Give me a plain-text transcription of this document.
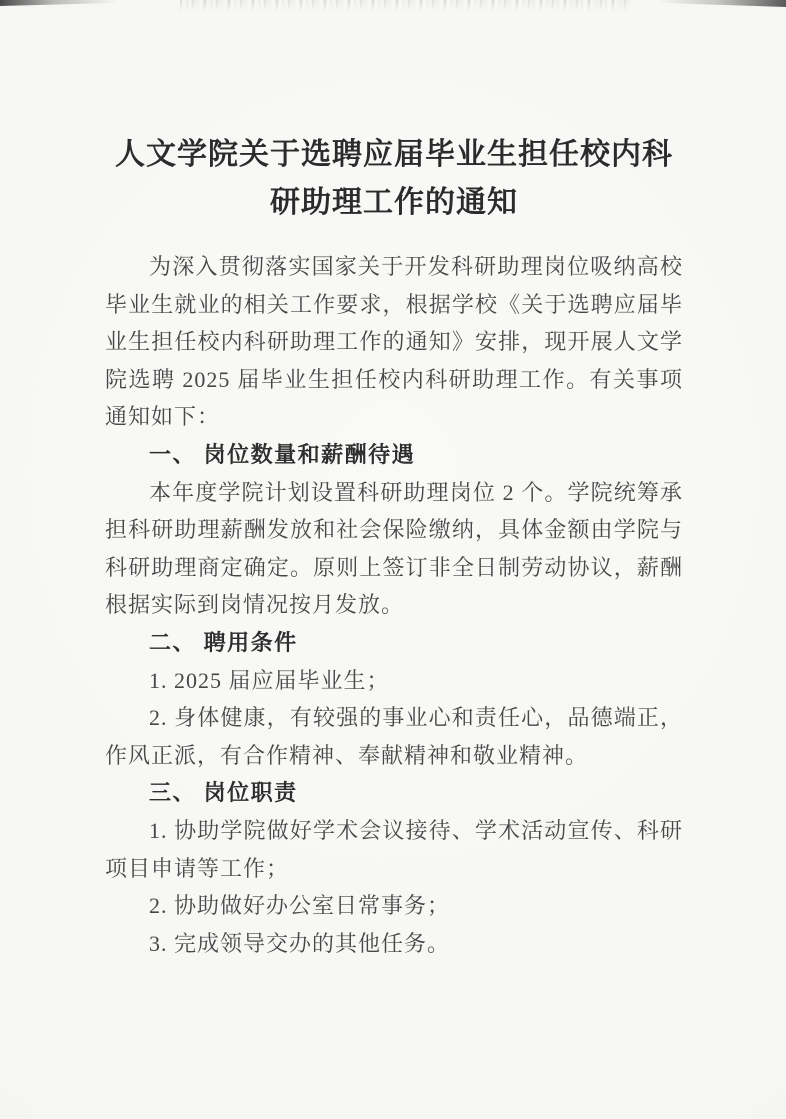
人文学院关于选聘应届毕业生担任校内科
研助理工作的通知

为深入贯彻落实国家关于开发科研助理岗位吸纳高校毕业生就业的相关工作要求，根据学校《关于选聘应届毕业生担任校内科研助理工作的通知》安排，现开展人文学院选聘 2025 届毕业生担任校内科研助理工作。有关事项通知如下：

一、 岗位数量和薪酬待遇

本年度学院计划设置科研助理岗位 2 个。学院统筹承担科研助理薪酬发放和社会保险缴纳，具体金额由学院与科研助理商定确定。原则上签订非全日制劳动协议，薪酬根据实际到岗情况按月发放。

二、 聘用条件

1. 2025 届应届毕业生；

2. 身体健康，有较强的事业心和责任心，品德端正，作风正派，有合作精神、奉献精神和敬业精神。

三、 岗位职责

1. 协助学院做好学术会议接待、学术活动宣传、科研项目申请等工作；

2. 协助做好办公室日常事务；

3. 完成领导交办的其他任务。
